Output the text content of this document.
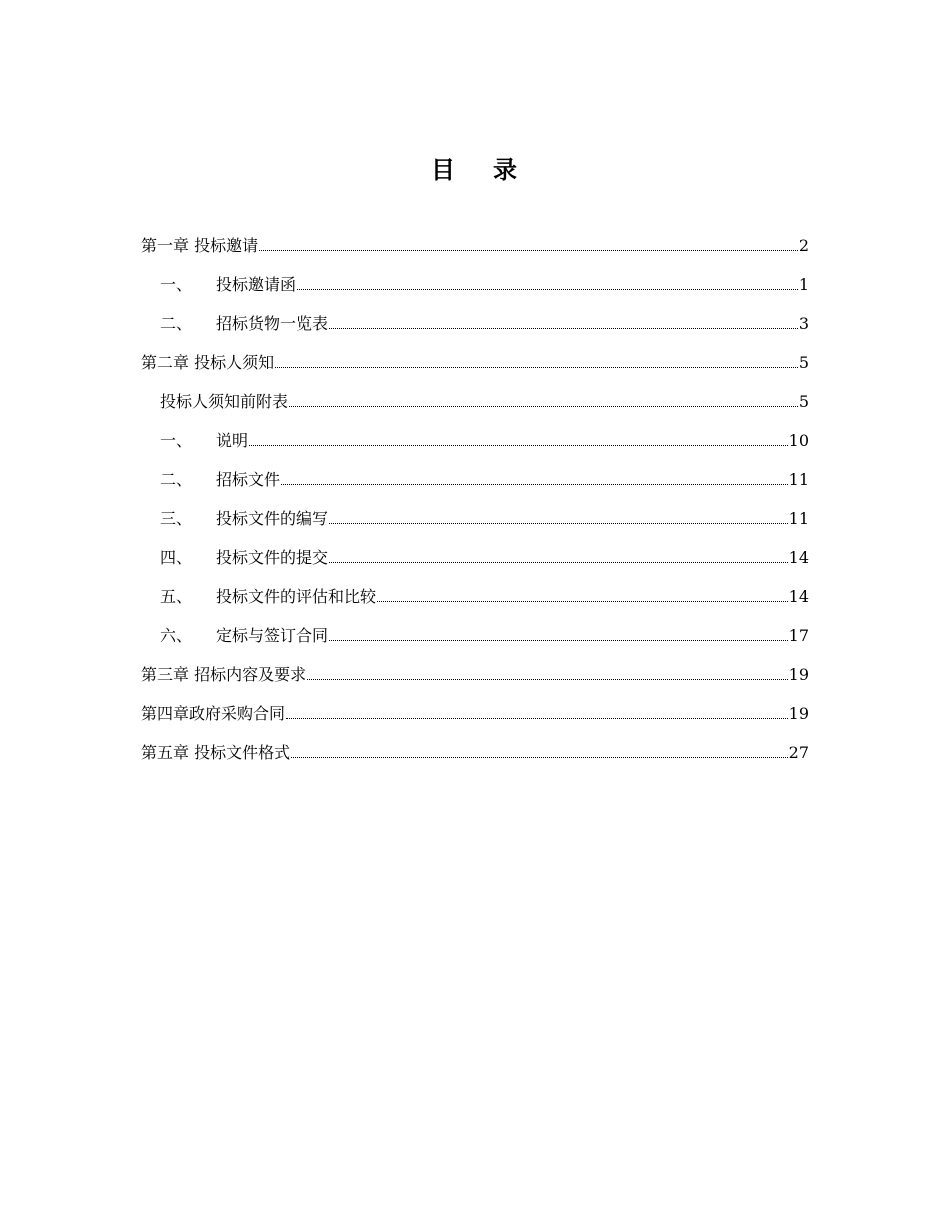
目 录
第一章 投标邀请	2
一、	投标邀请函	1
二、	招标货物一览表	3
第二章 投标人须知	5
投标人须知前附表	5
一、	说明	10
二、	招标文件	11
三、	投标文件的编写	11
四、	投标文件的提交	14
五、	投标文件的评估和比较	14
六、	定标与签订合同	17
第三章 招标内容及要求	19
第四章政府采购合同	19
第五章 投标文件格式	27
